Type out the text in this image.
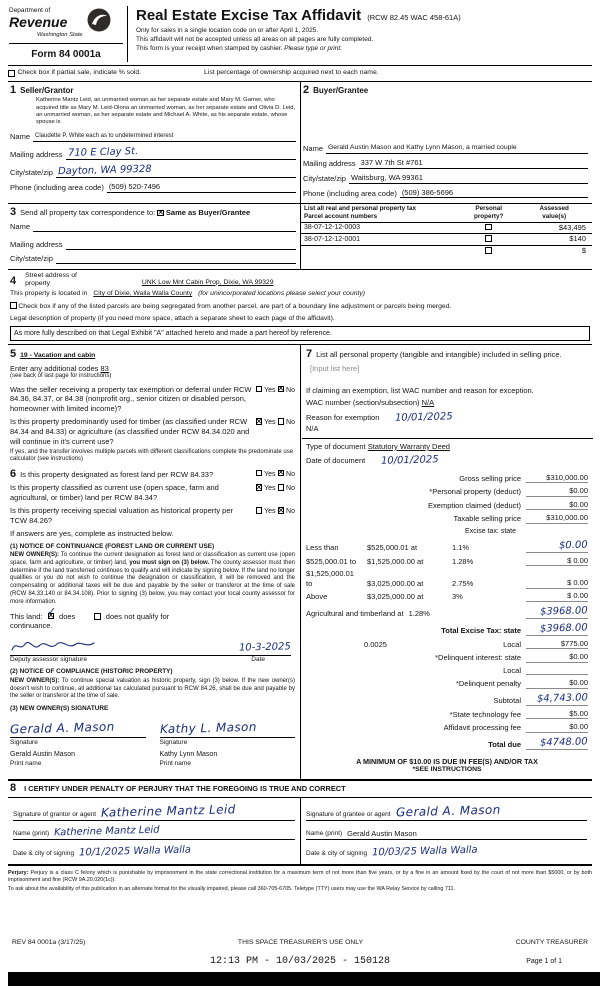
Department of
Revenue
Washington State
Form 84 0001a
Real Estate Excise Tax Affidavit (RCW 82.45 WAC 458-61A)
Only for sales in a single location code on or after April 1, 2025.
This affidavit will not be accepted unless all areas on all pages are fully completed.
This form is your receipt when stamped by cashier. Please type or print.
Check box if partial sale, indicate % sold.	List percentage of ownership acquired next to each name.
1 Seller/Grantor
Katherine Mantz Leid, an unmarried woman as her separate estate and Mary M. Garner, who acquired title as Mary M. Leid-Olona an unmarried woman, as her separate estate and Olivia D. Leid, an unmarried woman, as her separate estate and Michael A. White, as his separate estate, whose spouse is
Name Claudette P. White each as to undetermined interest
Mailing address 710 E Clay St.
City/state/zip Dayton, WA 99328
Phone (including area code) (509) 520-7496
2 Buyer/Grantee
Name Gerald Austin Mason and Kathy Lynn Mason, a married couple
Mailing address 337 W 7th St #761
City/state/zip Waitsburg, WA 99361
Phone (including area code) (509) 386-5696
3 Send all property tax correspondence to:
✕
Same as Buyer/Grantee
Name
Mailing address
City/state/zip
List all real and personal property tax
Parcel account numbers
Personal
property?
Assessed
value(s)
38-07-12-12-0003	$43,495
38-07-12-12-0001	$140
$
4
Street address of
property	UNK Low Mnt Cabin Prop, Dixie, WA 99329
This property is located in City of Dixie, Walla Walla County (for unincorporated locations please select your county)
Check box if any of the listed parcels are being segregated from another parcel, are part of a boundary line adjustment or parcels being merged.
Legal description of property (if you need more space, attach a separate sheet to each page of the affidavit).
As more fully described on that Legal Exhibit "A" attached hereto and made a part hereof by reference.
5 19 - Vacation and cabin
Enter any additional codes 83
(see back of last page for instructions)
Was the seller receiving a property tax exemption or deferral under RCW 84.36, 84.37, or 84.38 (nonprofit org., senior citizen or disabled person, homeowner with limited income)?
Yes ✕ No
Is this property predominantly used for timber (as classified under RCW 84.34 and 84.33) or agriculture (as classified under RCW 84.34.020 and will continue in it's current use?
✕
Yes No
If yes, and the transfer involves multiple parcels with different classifications complete the predominate use calculator (see instructions)
6 Is this property designated as forest land per RCW 84.33?	Yes ✕ No
Is this property classified as current use (open space, farm and agricultural, or timber) land per RCW 84.34?
✕
Yes No
Is this property receiving special valuation as historical property per TCW 84.26?
Yes ✕ No
If answers are yes, complete as instructed below.
(1) NOTICE OF CONTINUANCE (FOREST LAND OR CURRENT USE)
NEW OWNER(S): To continue the current designation as forest land or classification as current use (open space, farm and agriculture, or timber) land, you must sign on (3) below. The county assessor must then determine if the land transferred continues to qualify and will indicate by signing below. If the land no longer qualifies or you do not wish to continue the designation or classification, it will be removed and the compensating or additional taxes will be due and payable by the seller or transferor at the time of sale (RCW 84.33.140 or 84.34.108). Prior to signing (3) below, you may contact your local county assessor for more information.
This land: ✕ ✓ does	does not qualify for
continuance.
10-3-2025
Deputy assessor signature	Date
(2) NOTICE OF COMPLIANCE (HISTORIC PROPERTY)
NEW OWNER(S): To continue special valuation as historic property, sign (3) below. If the new owner(s) doesn't wish to continue, all additional tax calculated pursuant to RCW 84.26, shall be due and payable by the seller or transferor at the time of sale.
(3) NEW OWNER(S) SIGNATURE
Gerald A. Mason
Signature
Gerald Austin Mason
Print name
Kathy L. Mason
Signature
Kathy Lynn Mason
Print name
7 List all personal property (tangible and intangible) included in selling price.
[Input list here]
If claiming an exemption, list WAC number and reason for exception.
WAC number (section/subsection) N/A
Reason for exemption 10/01/2025
N/A
Type of document Statutory Warranty Deed
Date of document 10/01/2025
Gross selling price	$310,000.00
*Personal property (deduct)	$0.00
Exemption claimed (deduct)	$0.00
Taxable selling price	$310,000.00
Excise tax: state
Less than	$525,000.01 at	1.1%	$0.00
$525,000.01 to	$1,525,000.00 at	1.28%	$ 0.00
$1,525,000.01 to	$3,025,000.00 at	2.75%	$ 0.00
Above	$3,025,000.00 at	3%	$ 0.00
Agricultural and timberland at 1.28%	$3968.00
Total Excise Tax: state	$3968.00
0.0025	Local	$775.00
*Delinquent interest: state	$0.00
Local
*Delinquent penalty	$0.00
Subtotal	$4,743.00
*State technology fee	$5.00
Affidavit processing fee	$0.00
Total due	$4748.00
A MINIMUM OF $10.00 IS DUE IN FEE(S) AND/OR TAX
*SEE INSTRUCTIONS
8 I CERTIFY UNDER PENALTY OF PERJURY THAT THE FOREGOING IS TRUE AND CORRECT
Signature of grantor or agent Katherine Mantz Leid
Name (print) Katherine Mantz Leid
Date & city of signing 10/1/2025 Walla Walla
Signature of grantee or agent Gerald A. Mason
Name (print) Gerald Austin Mason
Date & city of signing 10/03/25 Walla Walla
Perjury: Perjury is a class C felony which is punishable by imprisonment in the state correctional institution for a maximum term of not more than five years, or by a fine in an amount fixed by the court of not more than $5000, or by both imprisonment and fine (RCW 9A.20.020(1c)).
To ask about the availability of this publication in an alternate format for the visually impaired, please call 360-705-6705. Teletype (TTY) users may use the WA Relay Service by calling 711.
REV 84 0001a (3/17/25)	THIS SPACE TREASURER'S USE ONLY	COUNTY TREASURER
12:13 PM - 10/03/2025 - 150128	Page 1 of 1
